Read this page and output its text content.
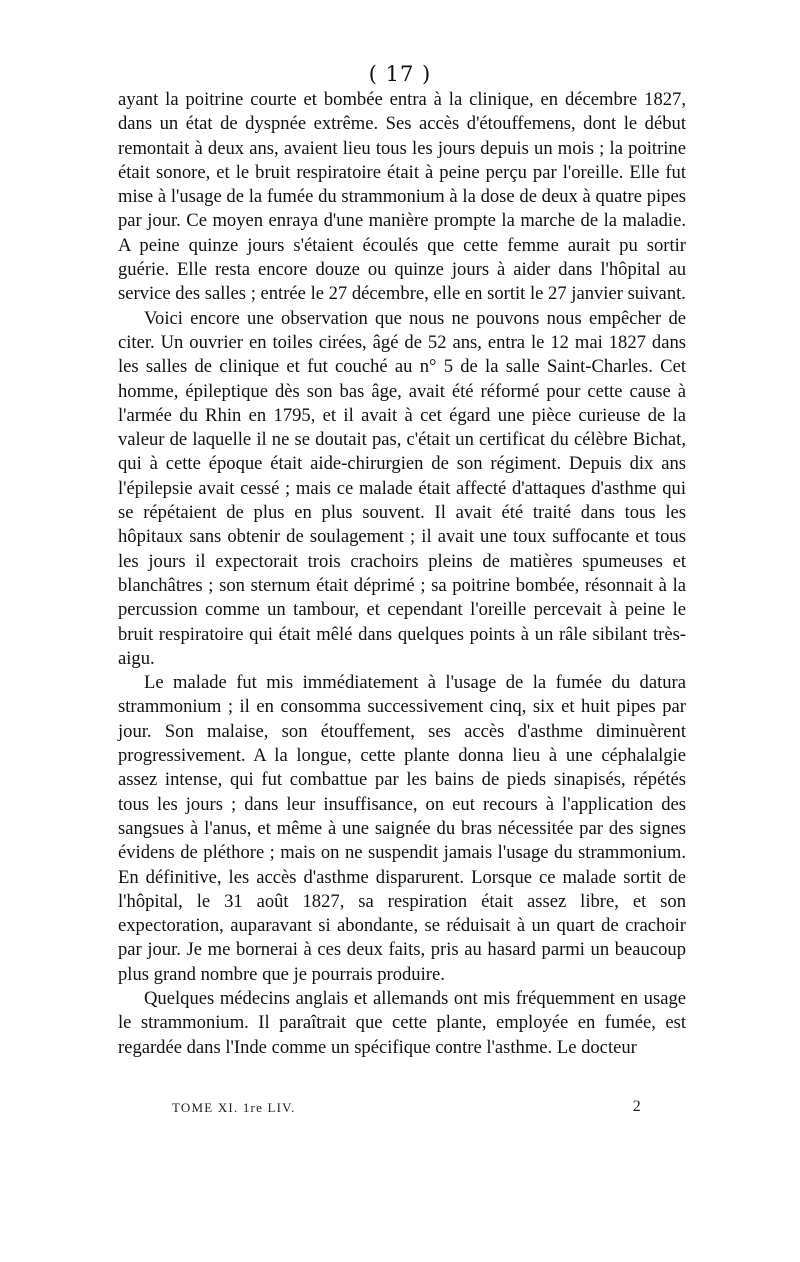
( 17 )

ayant la poitrine courte et bombée entra à la clinique, en décembre 1827, dans un état de dyspnée extrême. Ses accès d'étouffemens, dont le début remontait à deux ans, avaient lieu tous les jours depuis un mois ; la poitrine était sonore, et le bruit respiratoire était à peine perçu par l'oreille. Elle fut mise à l'usage de la fumée du strammonium à la dose de deux à quatre pipes par jour. Ce moyen enraya d'une manière prompte la marche de la maladie. A peine quinze jours s'étaient écoulés que cette femme aurait pu sortir guérie. Elle resta encore douze ou quinze jours à aider dans l'hôpital au service des salles ; entrée le 27 décembre, elle en sortit le 27 janvier suivant.

Voici encore une observation que nous ne pouvons nous empêcher de citer. Un ouvrier en toiles cirées, âgé de 52 ans, entra le 12 mai 1827 dans les salles de clinique et fut couché au n° 5 de la salle Saint-Charles. Cet homme, épileptique dès son bas âge, avait été réformé pour cette cause à l'armée du Rhin en 1795, et il avait à cet égard une pièce curieuse de la valeur de laquelle il ne se doutait pas, c'était un certificat du célèbre Bichat, qui à cette époque était aide-chirurgien de son régiment. Depuis dix ans l'épilepsie avait cessé ; mais ce malade était affecté d'attaques d'asthme qui se répétaient de plus en plus souvent. Il avait été traité dans tous les hôpitaux sans obtenir de soulagement ; il avait une toux suffocante et tous les jours il expectorait trois crachoirs pleins de matières spumeuses et blanchâtres ; son sternum était déprimé ; sa poitrine bombée, résonnait à la percussion comme un tambour, et cependant l'oreille percevait à peine le bruit respiratoire qui était mêlé dans quelques points à un râle sibilant très-aigu.

Le malade fut mis immédiatement à l'usage de la fumée du datura strammonium ; il en consomma successivement cinq, six et huit pipes par jour. Son malaise, son étouffement, ses accès d'asthme diminuèrent progressivement. A la longue, cette plante donna lieu à une céphalalgie assez intense, qui fut combattue par les bains de pieds sinapisés, répétés tous les jours ; dans leur insuffisance, on eut recours à l'application des sangsues à l'anus, et même à une saignée du bras nécessitée par des signes évidens de pléthore ; mais on ne suspendit jamais l'usage du strammonium. En définitive, les accès d'asthme disparurent. Lorsque ce malade sortit de l'hôpital, le 31 août 1827, sa respiration était assez libre, et son expectoration, auparavant si abondante, se réduisait à un quart de crachoir par jour. Je me bornerai à ces deux faits, pris au hasard parmi un beaucoup plus grand nombre que je pourrais produire.

Quelques médecins anglais et allemands ont mis fréquemment en usage le strammonium. Il paraîtrait que cette plante, employée en fumée, est regardée dans l'Inde comme un spécifique contre l'asthme. Le docteur

TOME XI. 1re LIV.	2
